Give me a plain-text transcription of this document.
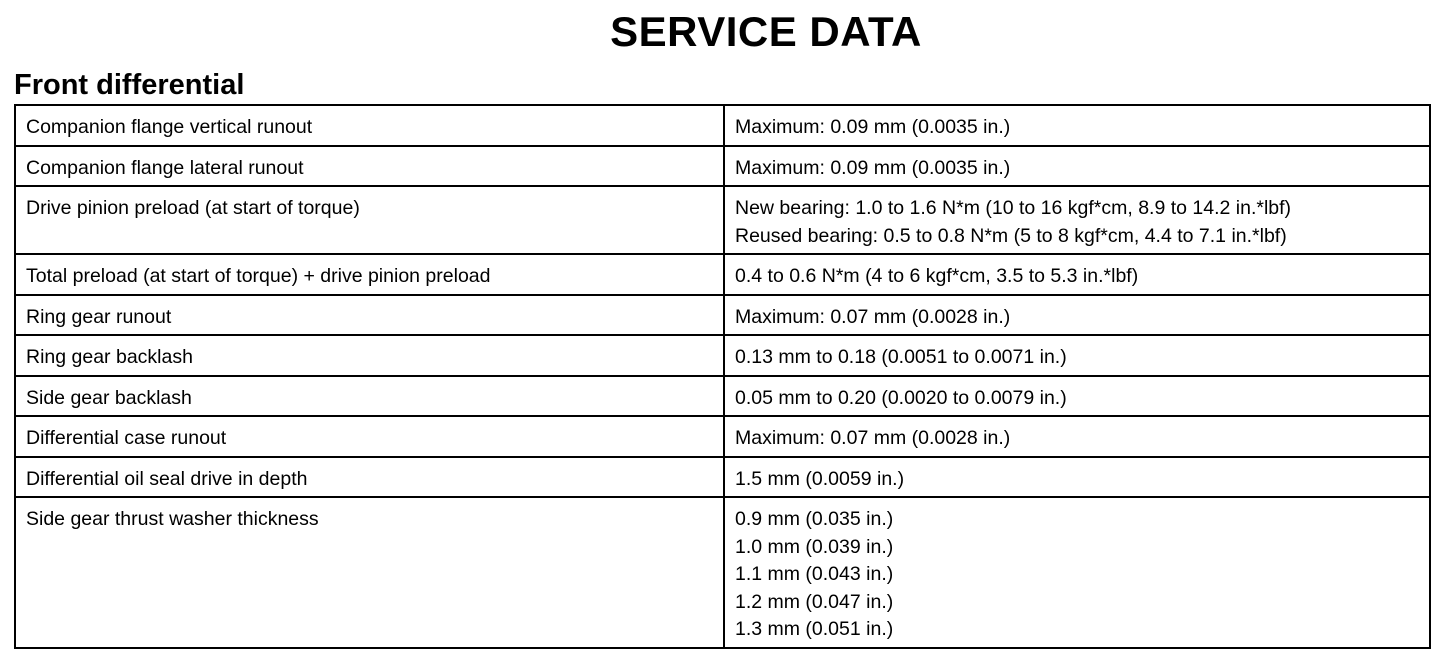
SERVICE DATA
Front differential
Companion flange vertical runout	Maximum: 0.09 mm (0.0035 in.)

Companion flange lateral runout	Maximum: 0.09 mm (0.0035 in.)

Drive pinion preload (at start of torque)	New bearing: 1.0 to 1.6 N*m (10 to 16 kgf*cm, 8.9 to 14.2 in.*lbf)
Reused bearing: 0.5 to 0.8 N*m (5 to 8 kgf*cm, 4.4 to 7.1 in.*lbf)

Total preload (at start of torque) + drive pinion preload	0.4 to 0.6 N*m (4 to 6 kgf*cm, 3.5 to 5.3 in.*lbf)

Ring gear runout	Maximum: 0.07 mm (0.0028 in.)

Ring gear backlash	0.13 mm to 0.18 (0.0051 to 0.0071 in.)

Side gear backlash	0.05 mm to 0.20 (0.0020 to 0.0079 in.)

Differential case runout	Maximum: 0.07 mm (0.0028 in.)

Differential oil seal drive in depth	1.5 mm (0.0059 in.)

Side gear thrust washer thickness	0.9 mm (0.035 in.)
1.0 mm (0.039 in.)
1.1 mm (0.043 in.)
1.2 mm (0.047 in.)
1.3 mm (0.051 in.)
